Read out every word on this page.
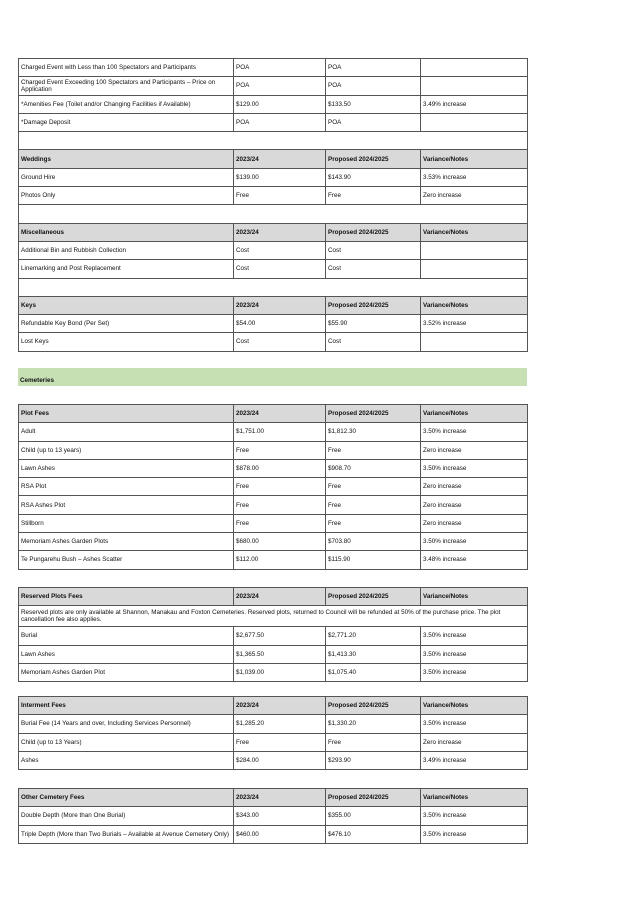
Charged Event with Less than 100 Spectators and Participants	POA	POA	
Charged Event Exceeding 100 Spectators and Participants – Price on Application	POA	POA	
*Amenities Fee (Toilet and/or Changing Facilities if Available)	$129.00	$133.50	3.49% increase
*Damage Deposit	POA	POA	

Weddings	2023/24	Proposed 2024/2025	Variance/Notes
Ground Hire	$139.00	$143.90	3.53% increase
Photos Only	Free	Free	Zero increase

Miscellaneous	2023/24	Proposed 2024/2025	Variance/Notes
Additional Bin and Rubbish Collection	Cost	Cost	
Linemarking and Post Replacement	Cost	Cost	

Keys	2023/24	Proposed 2024/2025	Variance/Notes
Refundable Key Bond (Per Set)	$54.00	$55.90	3.52% increase
Lost Keys	Cost	Cost	
Cemeteries
Plot Fees	2023/24	Proposed 2024/2025	Variance/Notes
Adult	$1,751.00	$1,812.30	3.50% increase
Child (up to 13 years)	Free	Free	Zero increase
Lawn Ashes	$878.00	$908.70	3.50% increase
RSA Plot	Free	Free	Zero increase
RSA Ashes Plot	Free	Free	Zero increase
Stillborn	Free	Free	Zero increase
Memoriam Ashes Garden Plots	$680.00	$703.80	3.50% increase
Te Pungarehu Bush – Ashes Scatter	$112.00	$115.90	3.48% increase
Reserved Plots Fees	2023/24	Proposed 2024/2025	Variance/Notes
Reserved plots are only available at Shannon, Manakau and Foxton Cemeteries. Reserved plots, returned to Council will be refunded at 50% of the purchase price. The plot cancellation fee also applies.			
Burial	$2,677.50	$2,771.20	3.50% increase
Lawn Ashes	$1,365.50	$1,413.30	3.50% increase
Memoriam Ashes Garden Plot	$1,039.00	$1,075.40	3.50% increase
Interment Fees	2023/24	Proposed 2024/2025	Variance/Notes
Burial Fee (14 Years and over, Including Services Personnel)	$1,285.20	$1,330.20	3.50% increase
Child (up to 13 Years)	Free	Free	Zero increase
Ashes	$284.00	$293.90	3.49% increase
Other Cemetery Fees	2023/24	Proposed 2024/2025	Variance/Notes
Double Depth (More than One Burial)	$343.00	$355.00	3.50% increase
Triple Depth (More than Two Burials – Available at Avenue Cemetery Only)	$460.00	$476.10	3.50% increase
